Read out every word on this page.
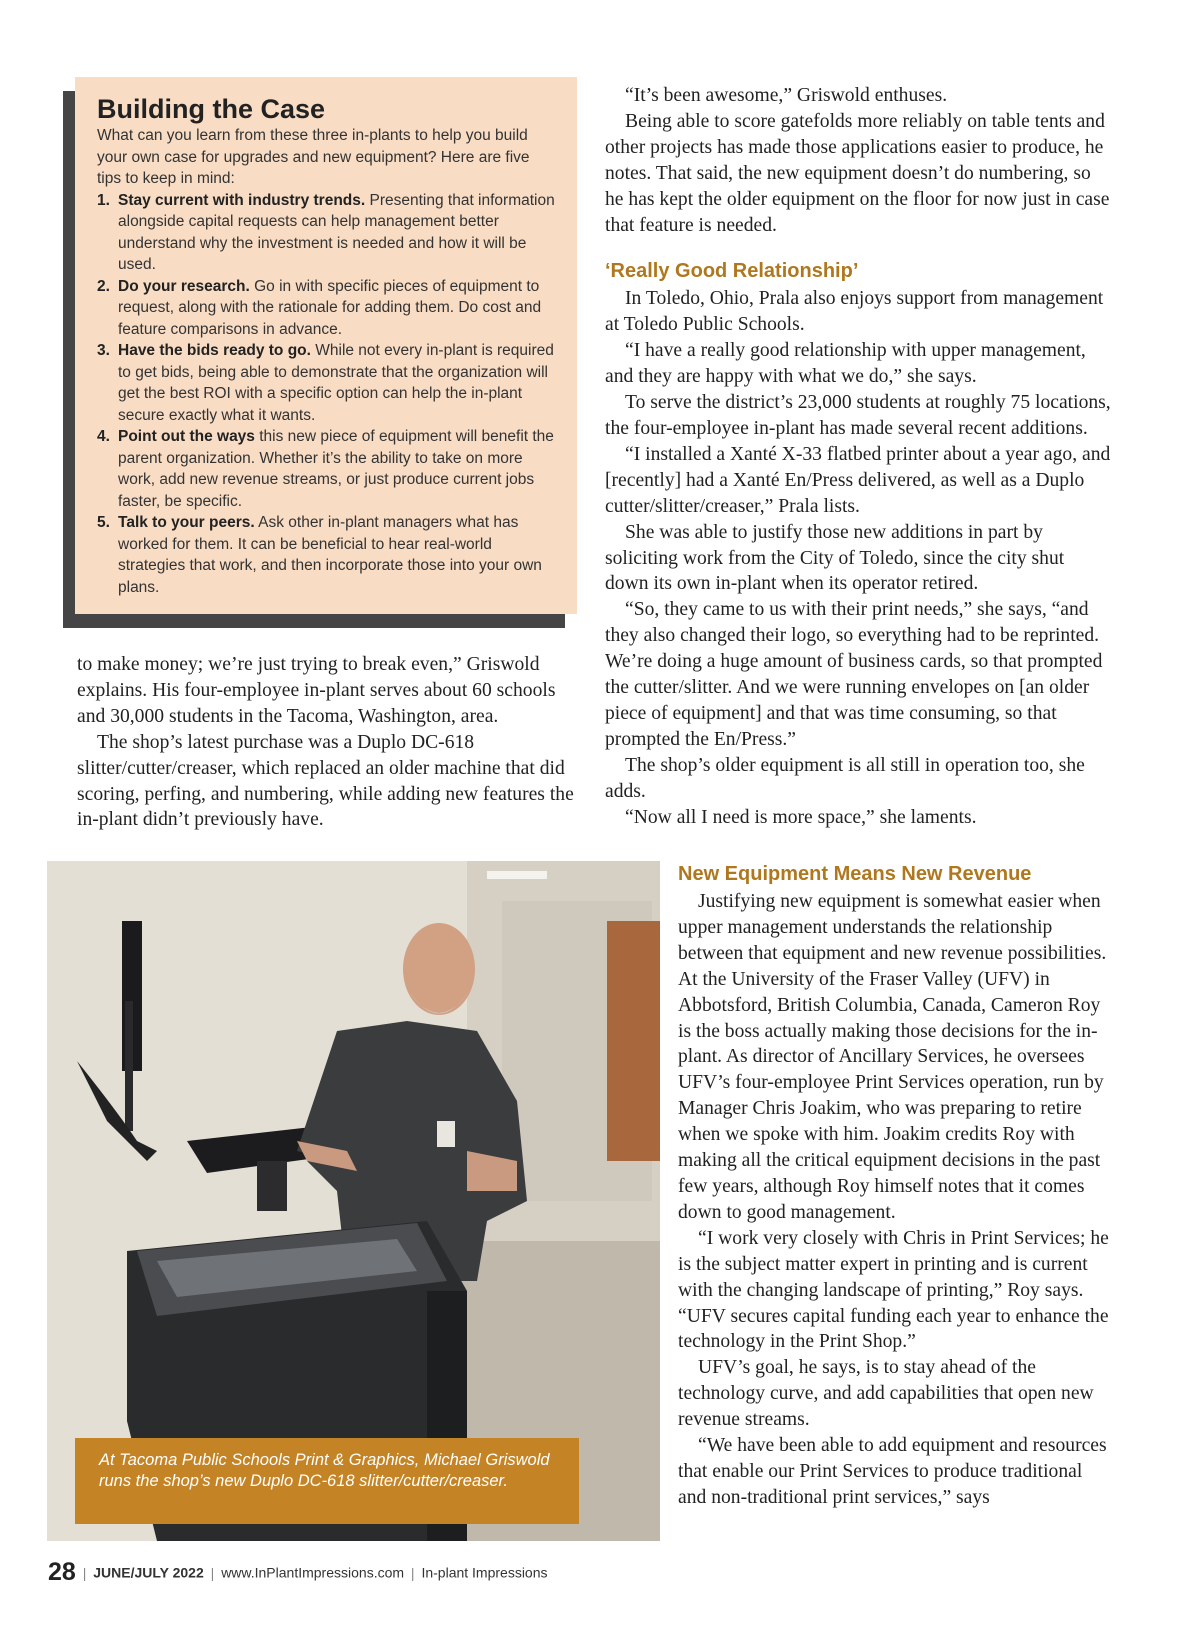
Building the Case

What can you learn from these three in-plants to help you build your own case for upgrades and new equipment? Here are five tips to keep in mind:

1. Stay current with industry trends. Presenting that information alongside capital requests can help management better understand why the investment is needed and how it will be used.
2. Do your research. Go in with specific pieces of equipment to request, along with the rationale for adding them. Do cost and feature comparisons in advance.
3. Have the bids ready to go. While not every in-plant is required to get bids, being able to demonstrate that the organization will get the best ROI with a specific option can help the in-plant secure exactly what it wants.
4. Point out the ways this new piece of equipment will benefit the parent organization. Whether it’s the ability to take on more work, add new revenue streams, or just produce current jobs faster, be specific.
5. Talk to your peers. Ask other in-plant managers what has worked for them. It can be beneficial to hear real-world strategies that work, and then incorporate those into your own plans.

to make money; we’re just trying to break even,” Griswold explains. His four-employee in-plant serves about 60 schools and 30,000 students in the Tacoma, Washington, area.

The shop’s latest purchase was a Duplo DC-618 slitter/cutter/creaser, which replaced an older machine that did scoring, perfing, and numbering, while adding new features the in-plant didn’t previously have.

“It’s been awesome,” Griswold enthuses.

Being able to score gatefolds more reliably on table tents and other projects has made those applications easier to produce, he notes. That said, the new equipment doesn’t do numbering, so he has kept the older equipment on the floor for now just in case that feature is needed.

‘Really Good Relationship’

In Toledo, Ohio, Prala also enjoys support from management at Toledo Public Schools.

“I have a really good relationship with upper management, and they are happy with what we do,” she says.

To serve the district’s 23,000 students at roughly 75 locations, the four-employee in-plant has made several recent additions.

“I installed a Xanté X-33 flatbed printer about a year ago, and [recently] had a Xanté En/Press delivered, as well as a Duplo cutter/slitter/creaser,” Prala lists.

She was able to justify those new additions in part by soliciting work from the City of Toledo, since the city shut down its own in-plant when its operator retired.

“So, they came to us with their print needs,” she says, “and they also changed their logo, so everything had to be reprinted. We’re doing a huge amount of business cards, so that prompted the cutter/slitter. And we were running envelopes on [an older piece of equipment] and that was time consuming, so that prompted the En/Press.”

The shop’s older equipment is all still in operation too, she adds.

“Now all I need is more space,” she laments.

At Tacoma Public Schools Print & Graphics, Michael Griswold runs the shop’s new Duplo DC-618 slitter/cutter/creaser.
New Equipment Means New Revenue

Justifying new equipment is somewhat easier when upper management understands the relationship between that equipment and new revenue possibilities. At the University of the Fraser Valley (UFV) in Abbotsford, British Columbia, Canada, Cameron Roy is the boss actually making those decisions for the in-plant. As director of Ancillary Services, he oversees UFV’s four-employee Print Services operation, run by Manager Chris Joakim, who was preparing to retire when we spoke with him. Joakim credits Roy with making all the critical equipment decisions in the past few years, although Roy himself notes that it comes down to good management.

“I work very closely with Chris in Print Services; he is the subject matter expert in printing and is current with the changing landscape of printing,” Roy says. “UFV secures capital funding each year to enhance the technology in the Print Shop.”

UFV’s goal, he says, is to stay ahead of the technology curve, and add capabilities that open new revenue streams.

“We have been able to add equipment and resources that enable our Print Services to produce traditional and non-traditional print services,” says

28 | JUNE/JULY 2022 | www.InPlantImpressions.com | In-plant Impressions
